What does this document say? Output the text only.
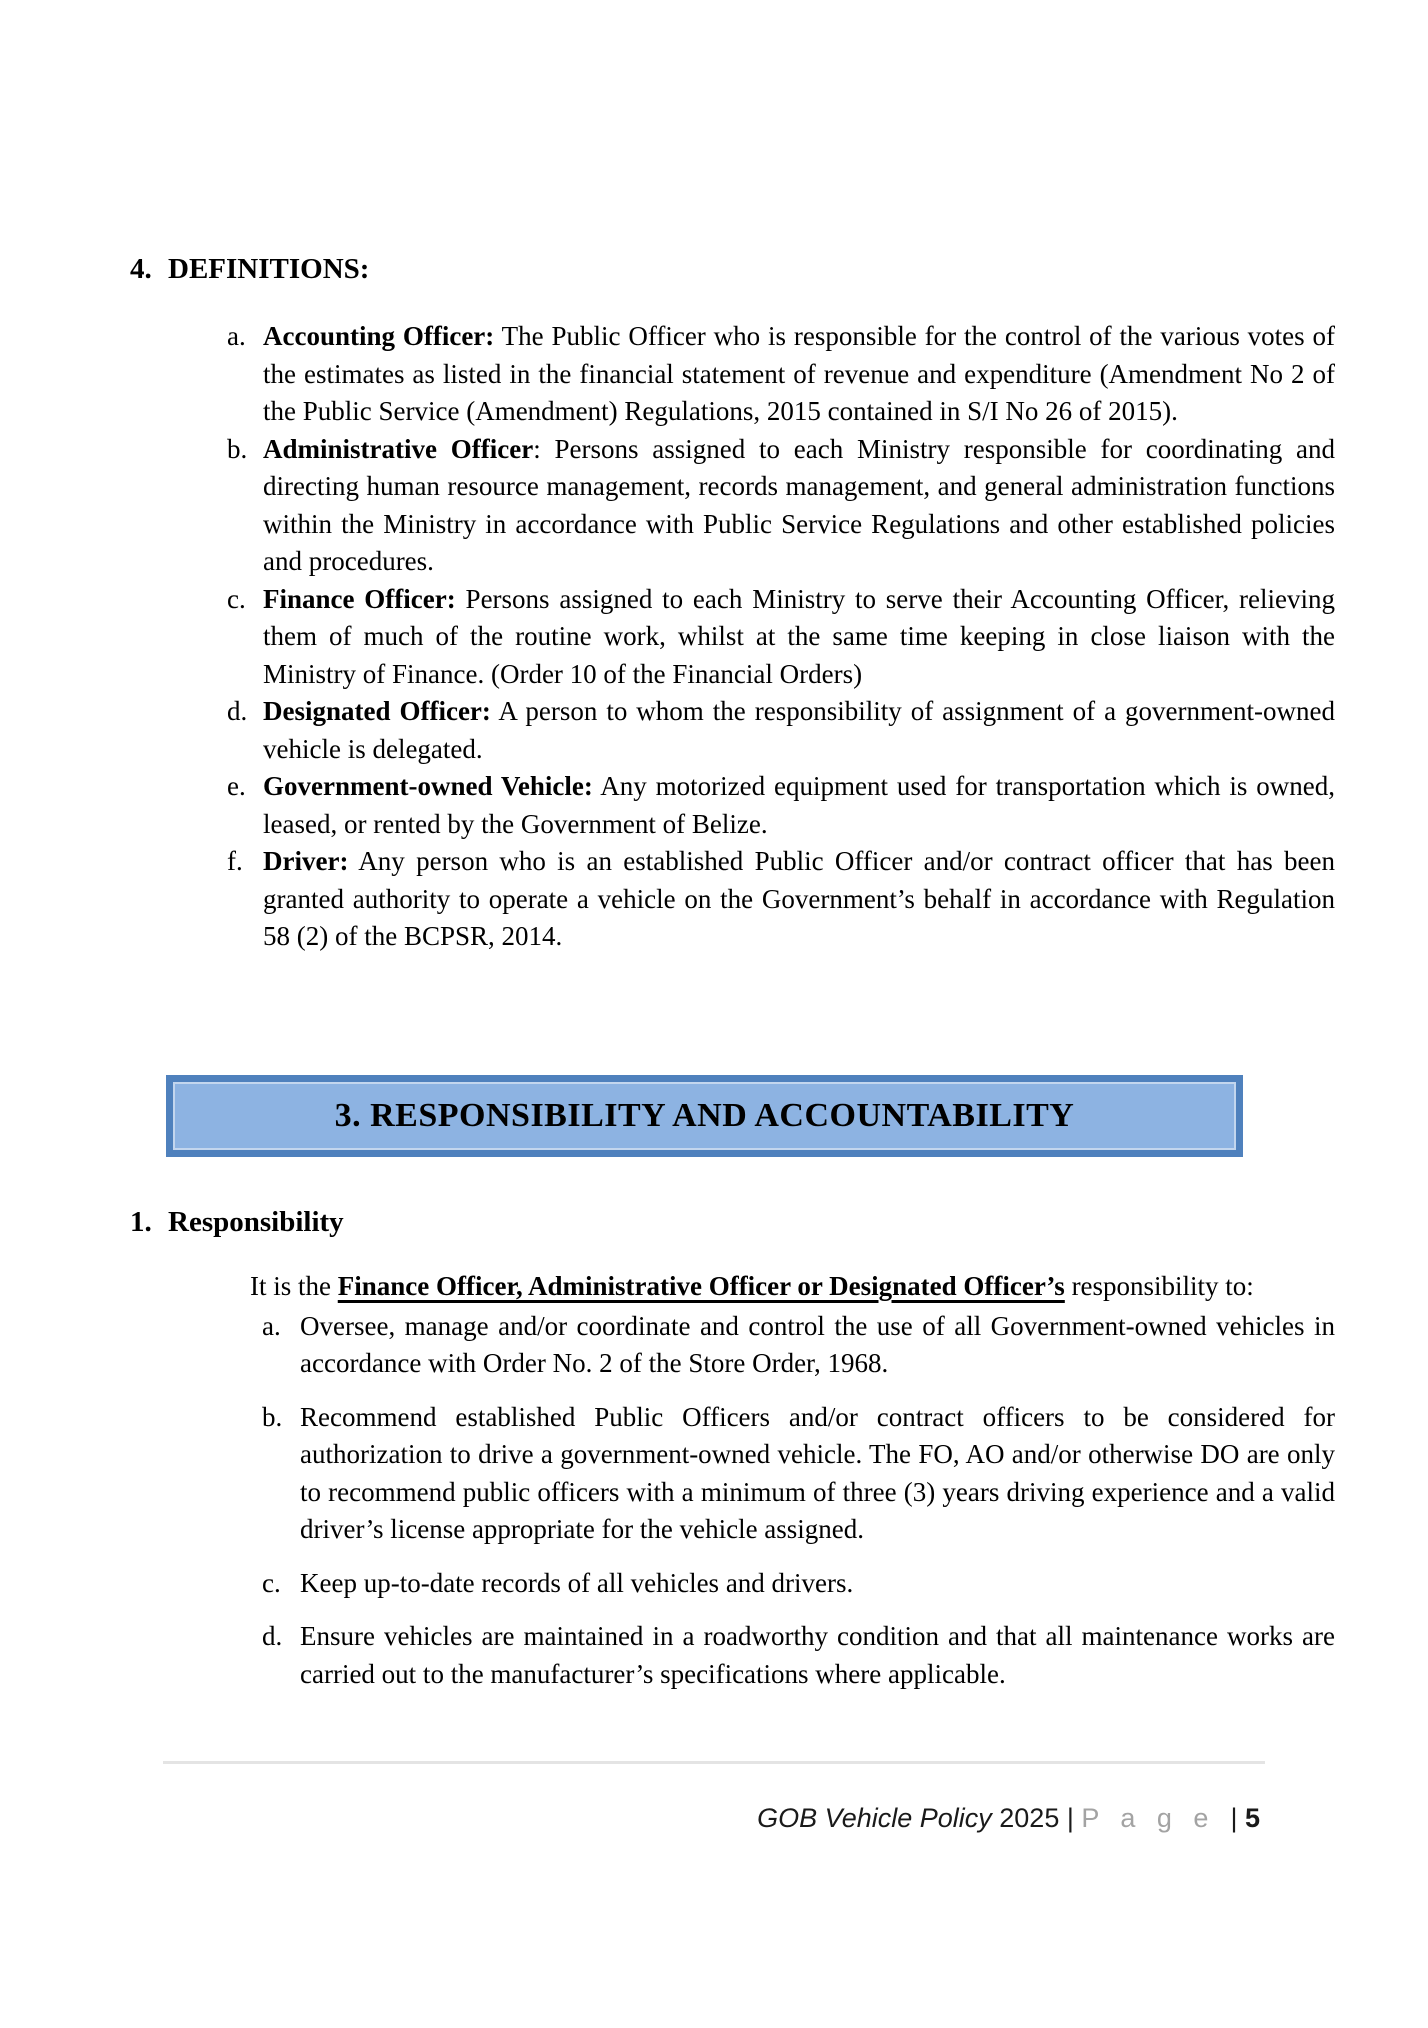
4. DEFINITIONS:
a. Accounting Officer: The Public Officer who is responsible for the control of the various votes of the estimates as listed in the financial statement of revenue and expenditure (Amendment No 2 of the Public Service (Amendment) Regulations, 2015 contained in S/I No 26 of 2015).
b. Administrative Officer: Persons assigned to each Ministry responsible for coordinating and directing human resource management, records management, and general administration functions within the Ministry in accordance with Public Service Regulations and other established policies and procedures.
c. Finance Officer: Persons assigned to each Ministry to serve their Accounting Officer, relieving them of much of the routine work, whilst at the same time keeping in close liaison with the Ministry of Finance. (Order 10 of the Financial Orders)
d. Designated Officer: A person to whom the responsibility of assignment of a government-owned vehicle is delegated.
e. Government-owned Vehicle: Any motorized equipment used for transportation which is owned, leased, or rented by the Government of Belize.
f. Driver: Any person who is an established Public Officer and/or contract officer that has been granted authority to operate a vehicle on the Government’s behalf in accordance with Regulation 58 (2) of the BCPSR, 2014.
3. RESPONSIBILITY AND ACCOUNTABILITY
1. Responsibility
It is the Finance Officer, Administrative Officer or Designated Officer’s responsibility to:
a. Oversee, manage and/or coordinate and control the use of all Government-owned vehicles in accordance with Order No. 2 of the Store Order, 1968.
b. Recommend established Public Officers and/or contract officers to be considered for authorization to drive a government-owned vehicle. The FO, AO and/or otherwise DO are only to recommend public officers with a minimum of three (3) years driving experience and a valid driver’s license appropriate for the vehicle assigned.
c. Keep up-to-date records of all vehicles and drivers.
d. Ensure vehicles are maintained in a roadworthy condition and that all maintenance works are carried out to the manufacturer’s specifications where applicable.

GOB Vehicle Policy 2025 | P a g e  | 5
